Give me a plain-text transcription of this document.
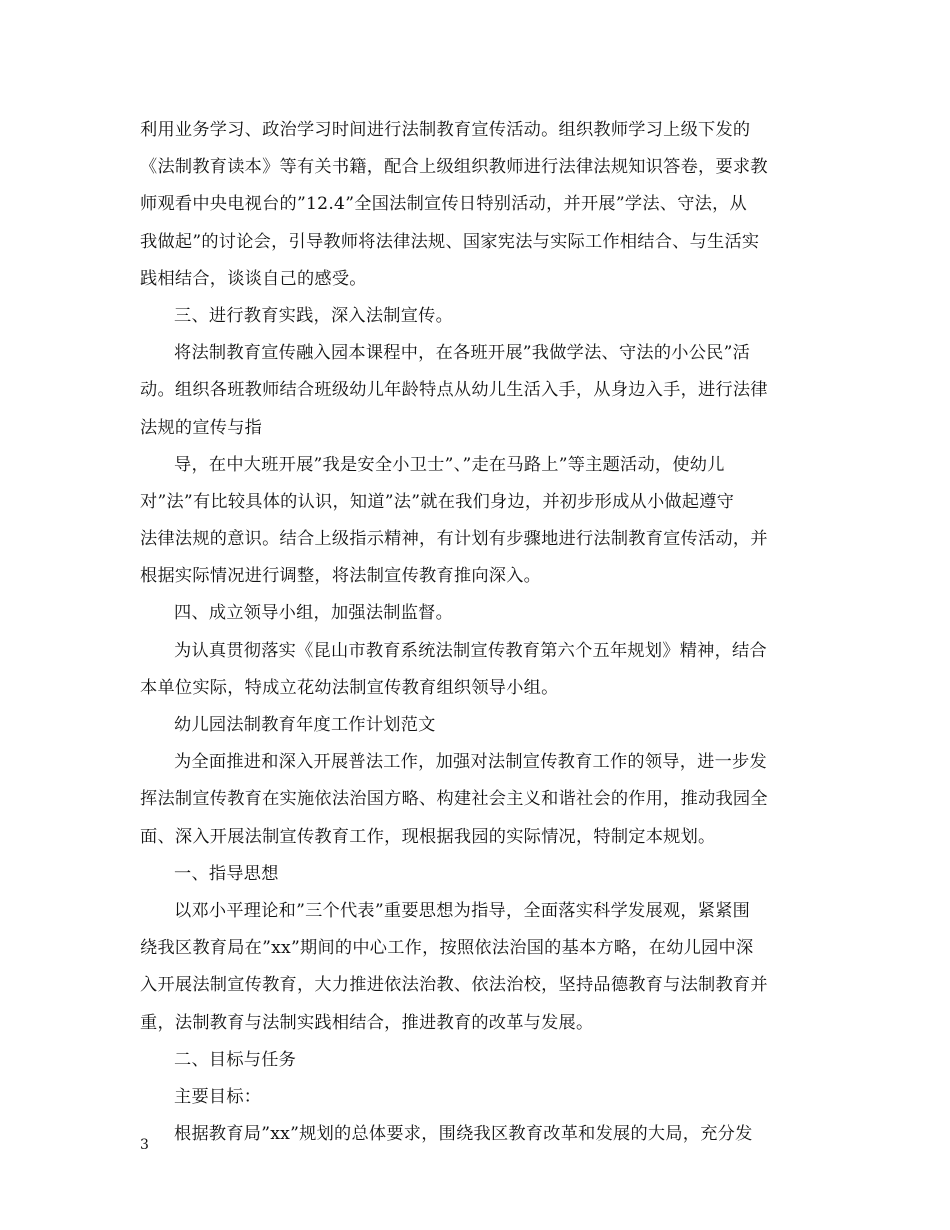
利用业务学习、政治学习时间进行法制教育宣传活动。组织教师学习上级下发的
《法制教育读本》等有关书籍，配合上级组织教师进行法律法规知识答卷，要求教
师观看中央电视台的”12.4”全国法制宣传日特别活动，并开展”学法、守法，从
我做起”的讨论会，引导教师将法律法规、国家宪法与实际工作相结合、与生活实
践相结合，谈谈自己的感受。
三、进行教育实践，深入法制宣传。
将法制教育宣传融入园本课程中，在各班开展”我做学法、守法的小公民”活
动。组织各班教师结合班级幼儿年龄特点从幼儿生活入手，从身边入手，进行法律
法规的宣传与指
导，在中大班开展”我是安全小卫士”、”走在马路上”等主题活动，使幼儿
对”法”有比较具体的认识，知道”法”就在我们身边，并初步形成从小做起遵守
法律法规的意识。结合上级指示精神，有计划有步骤地进行法制教育宣传活动，并
根据实际情况进行调整，将法制宣传教育推向深入。
四、成立领导小组，加强法制监督。
为认真贯彻落实《昆山市教育系统法制宣传教育第六个五年规划》精神，结合
本单位实际，特成立花幼法制宣传教育组织领导小组。
幼儿园法制教育年度工作计划范文
为全面推进和深入开展普法工作，加强对法制宣传教育工作的领导，进一步发
挥法制宣传教育在实施依法治国方略、构建社会主义和谐社会的作用，推动我园全
面、深入开展法制宣传教育工作，现根据我园的实际情况，特制定本规划。
一、指导思想
以邓小平理论和”三个代表”重要思想为指导，全面落实科学发展观，紧紧围
绕我区教育局在”xx”期间的中心工作，按照依法治国的基本方略，在幼儿园中深
入开展法制宣传教育，大力推进依法治教、依法治校，坚持品德教育与法制教育并
重，法制教育与法制实践相结合，推进教育的改革与发展。
二、目标与任务
主要目标：
根据教育局”xx”规划的总体要求，围绕我区教育改革和发展的大局，充分发
3
